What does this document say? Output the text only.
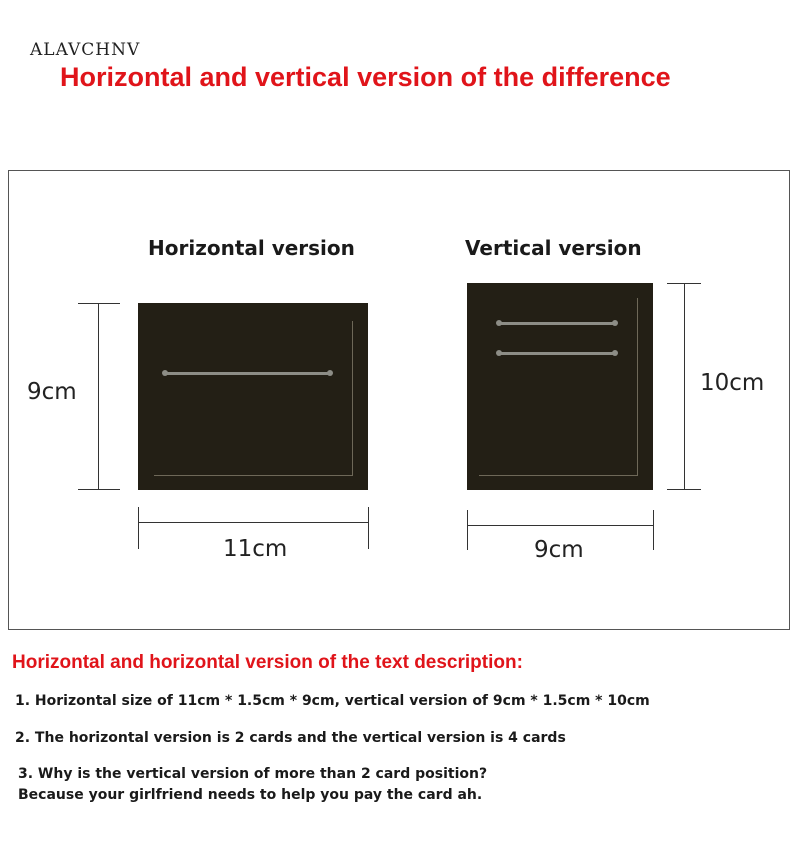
ALAVCHNV
Horizontal and vertical version of the difference
Horizontal version
9cm
11cm
Vertical version
10cm
9cm
Horizontal and horizontal version of the text description:
1. Horizontal size of 11cm * 1.5cm * 9cm, vertical version of 9cm * 1.5cm * 10cm
2. The horizontal version is 2 cards and the vertical version is 4 cards
3. Why is the vertical version of more than 2 card position?
Because your girlfriend needs to help you pay the card ah.
